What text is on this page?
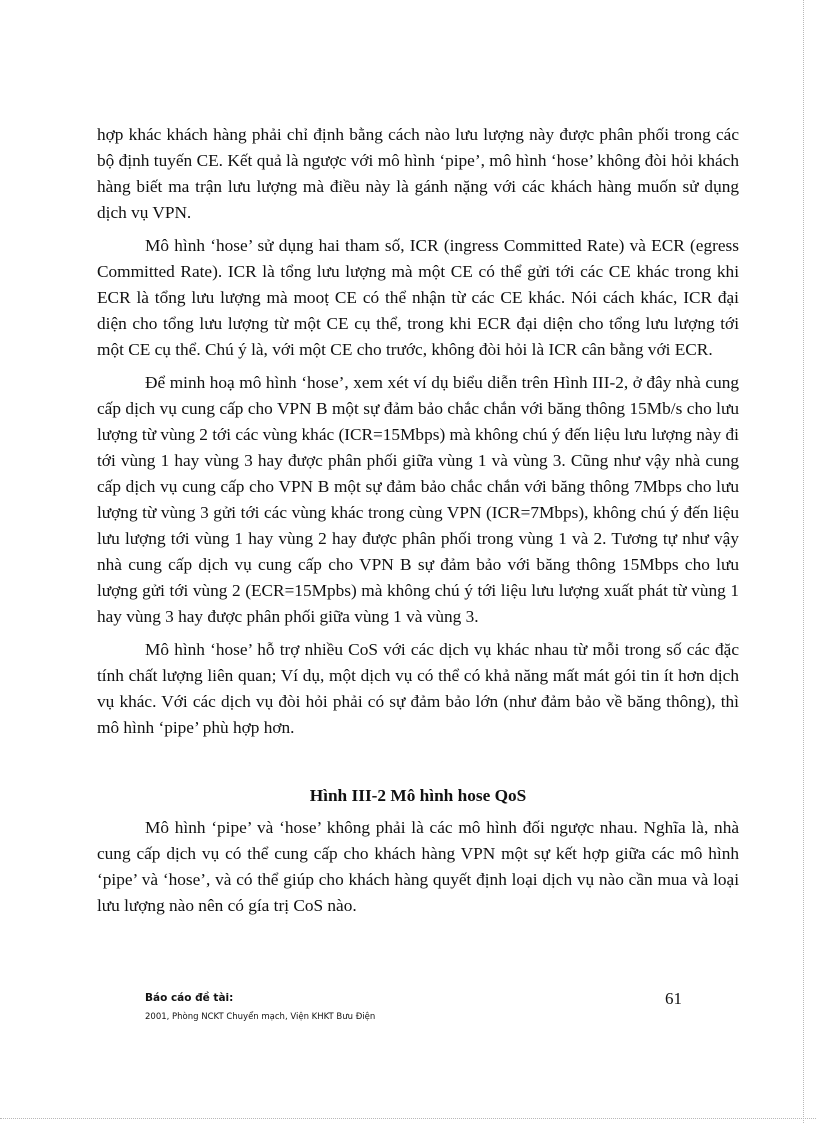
hợp khác khách hàng phải chỉ định bằng cách nào lưu lượng này được phân phối trong các bộ định tuyến CE. Kết quả là ngược với mô hình ‘pipe’, mô hình ‘hose’ không đòi hỏi khách hàng biết ma trận lưu lượng mà điều này là gánh nặng với các khách hàng muốn sử dụng dịch vụ VPN.

Mô hình ‘hose’ sử dụng hai tham số, ICR (ingress Committed Rate) và ECR (egress Committed Rate). ICR là tổng lưu lượng mà một CE có thể gửi tới các CE khác trong khi ECR là tổng lưu lượng mà mooṭ CE có thể nhận từ các CE khác. Nói cách khác, ICR đại diện cho tổng lưu lượng từ một CE cụ thể, trong khi ECR đại diện cho tổng lưu lượng tới một CE cụ thể. Chú ý là, với một CE cho trước, không đòi hỏi là ICR cân bằng với ECR.

Để minh hoạ mô hình ‘hose’, xem xét ví dụ biểu diễn trên Hình III-2, ở đây nhà cung cấp dịch vụ cung cấp cho VPN B một sự đảm bảo chắc chắn với băng thông 15Mb/s cho lưu lượng từ vùng 2 tới các vùng khác (ICR=15Mbps) mà không chú ý đến liệu lưu lượng này đi tới vùng 1 hay vùng 3 hay được phân phối giữa vùng 1 và vùng 3. Cũng như vậy nhà cung cấp dịch vụ cung cấp cho VPN B một sự đảm bảo chắc chắn với băng thông 7Mbps cho lưu lượng từ vùng 3 gửi tới các vùng khác trong cùng VPN (ICR=7Mbps), không chú ý đến liệu lưu lượng tới vùng 1 hay vùng 2 hay được phân phối trong vùng 1 và 2. Tương tự như vậy nhà cung cấp dịch vụ cung cấp cho VPN B sự đảm bảo với băng thông 15Mbps cho lưu lượng gửi tới vùng 2 (ECR=15Mpbs) mà không chú ý tới liệu lưu lượng xuất phát từ vùng 1 hay vùng 3 hay được phân phối giữa vùng 1 và vùng 3.

Mô hình ‘hose’ hỗ trợ nhiều CoS với các dịch vụ khác nhau từ mỗi trong số các đặc tính chất lượng liên quan; Ví dụ, một dịch vụ có thể có khả năng mất mát gói tin ít hơn dịch vụ khác. Với các dịch vụ đòi hỏi phải có sự đảm bảo lớn (như đảm bảo về băng thông), thì mô hình ‘pipe’ phù hợp hơn.

Hình III-2 Mô hình hose QoS

Mô hình ‘pipe’ và ‘hose’ không phải là các mô hình đối ngược nhau. Nghĩa là, nhà cung cấp dịch vụ có thể cung cấp cho khách hàng VPN một sự kết hợp giữa các mô hình ‘pipe’ và ‘hose’, và có thể giúp cho khách hàng quyết định loại dịch vụ nào cần mua và loại lưu lượng nào nên có gía trị CoS nào.

Báo cáo đề tài:	61
2001, Phòng NCKT Chuyển mạch, Viện KHKT Bưu Điện
